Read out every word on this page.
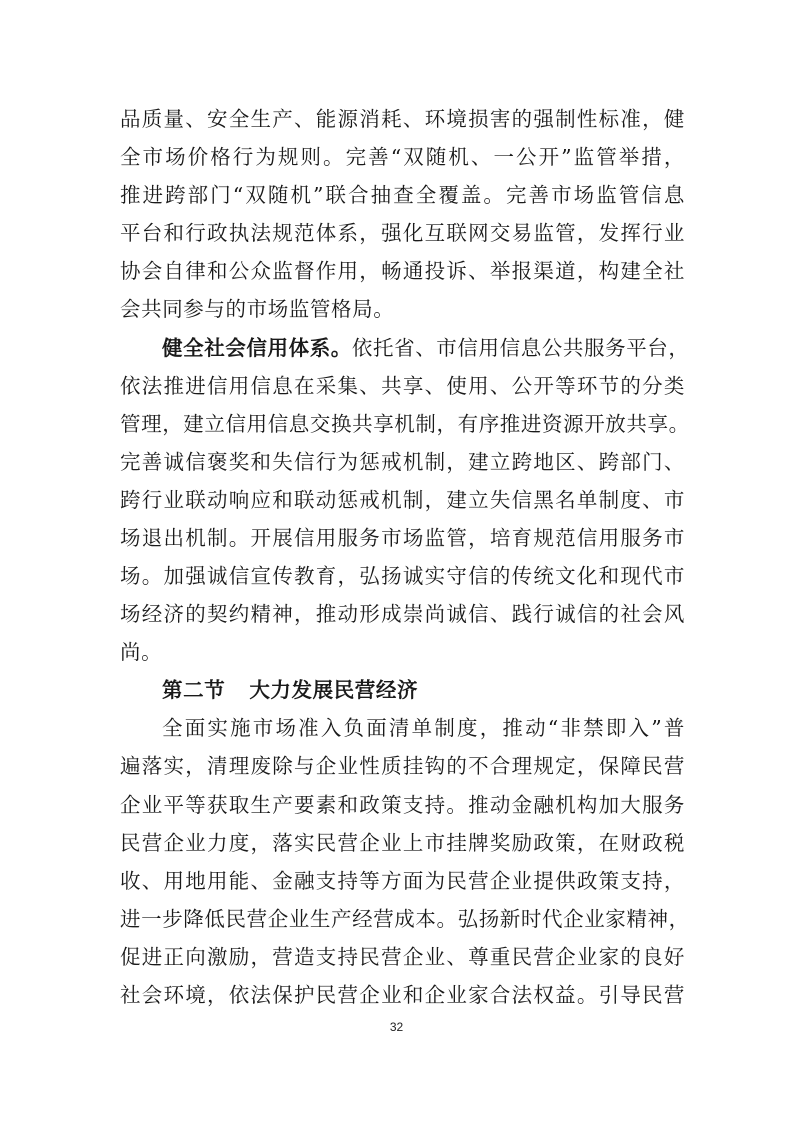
品质量、安全生产、能源消耗、环境损害的强制性标准，健
全市场价格行为规则。完善“双随机、一公开”监管举措，
推进跨部门“双随机”联合抽查全覆盖。完善市场监管信息
平台和行政执法规范体系，强化互联网交易监管，发挥行业
协会自律和公众监督作用，畅通投诉、举报渠道，构建全社
会共同参与的市场监管格局。
健全社会信用体系。依托省、市信用信息公共服务平台，
依法推进信用信息在采集、共享、使用、公开等环节的分类
管理，建立信用信息交换共享机制，有序推进资源开放共享。
完善诚信褒奖和失信行为惩戒机制，建立跨地区、跨部门、
跨行业联动响应和联动惩戒机制，建立失信黑名单制度、市
场退出机制。开展信用服务市场监管，培育规范信用服务市
场。加强诚信宣传教育，弘扬诚实守信的传统文化和现代市
场经济的契约精神，推动形成崇尚诚信、践行诚信的社会风
尚。
第二节 大力发展民营经济
全面实施市场准入负面清单制度，推动“非禁即入”普
遍落实，清理废除与企业性质挂钩的不合理规定，保障民营
企业平等获取生产要素和政策支持。推动金融机构加大服务
民营企业力度，落实民营企业上市挂牌奖励政策，在财政税
收、用地用能、金融支持等方面为民营企业提供政策支持，
进一步降低民营企业生产经营成本。弘扬新时代企业家精神，
促进正向激励，营造支持民营企业、尊重民营企业家的良好
社会环境，依法保护民营企业和企业家合法权益。引导民营
32
